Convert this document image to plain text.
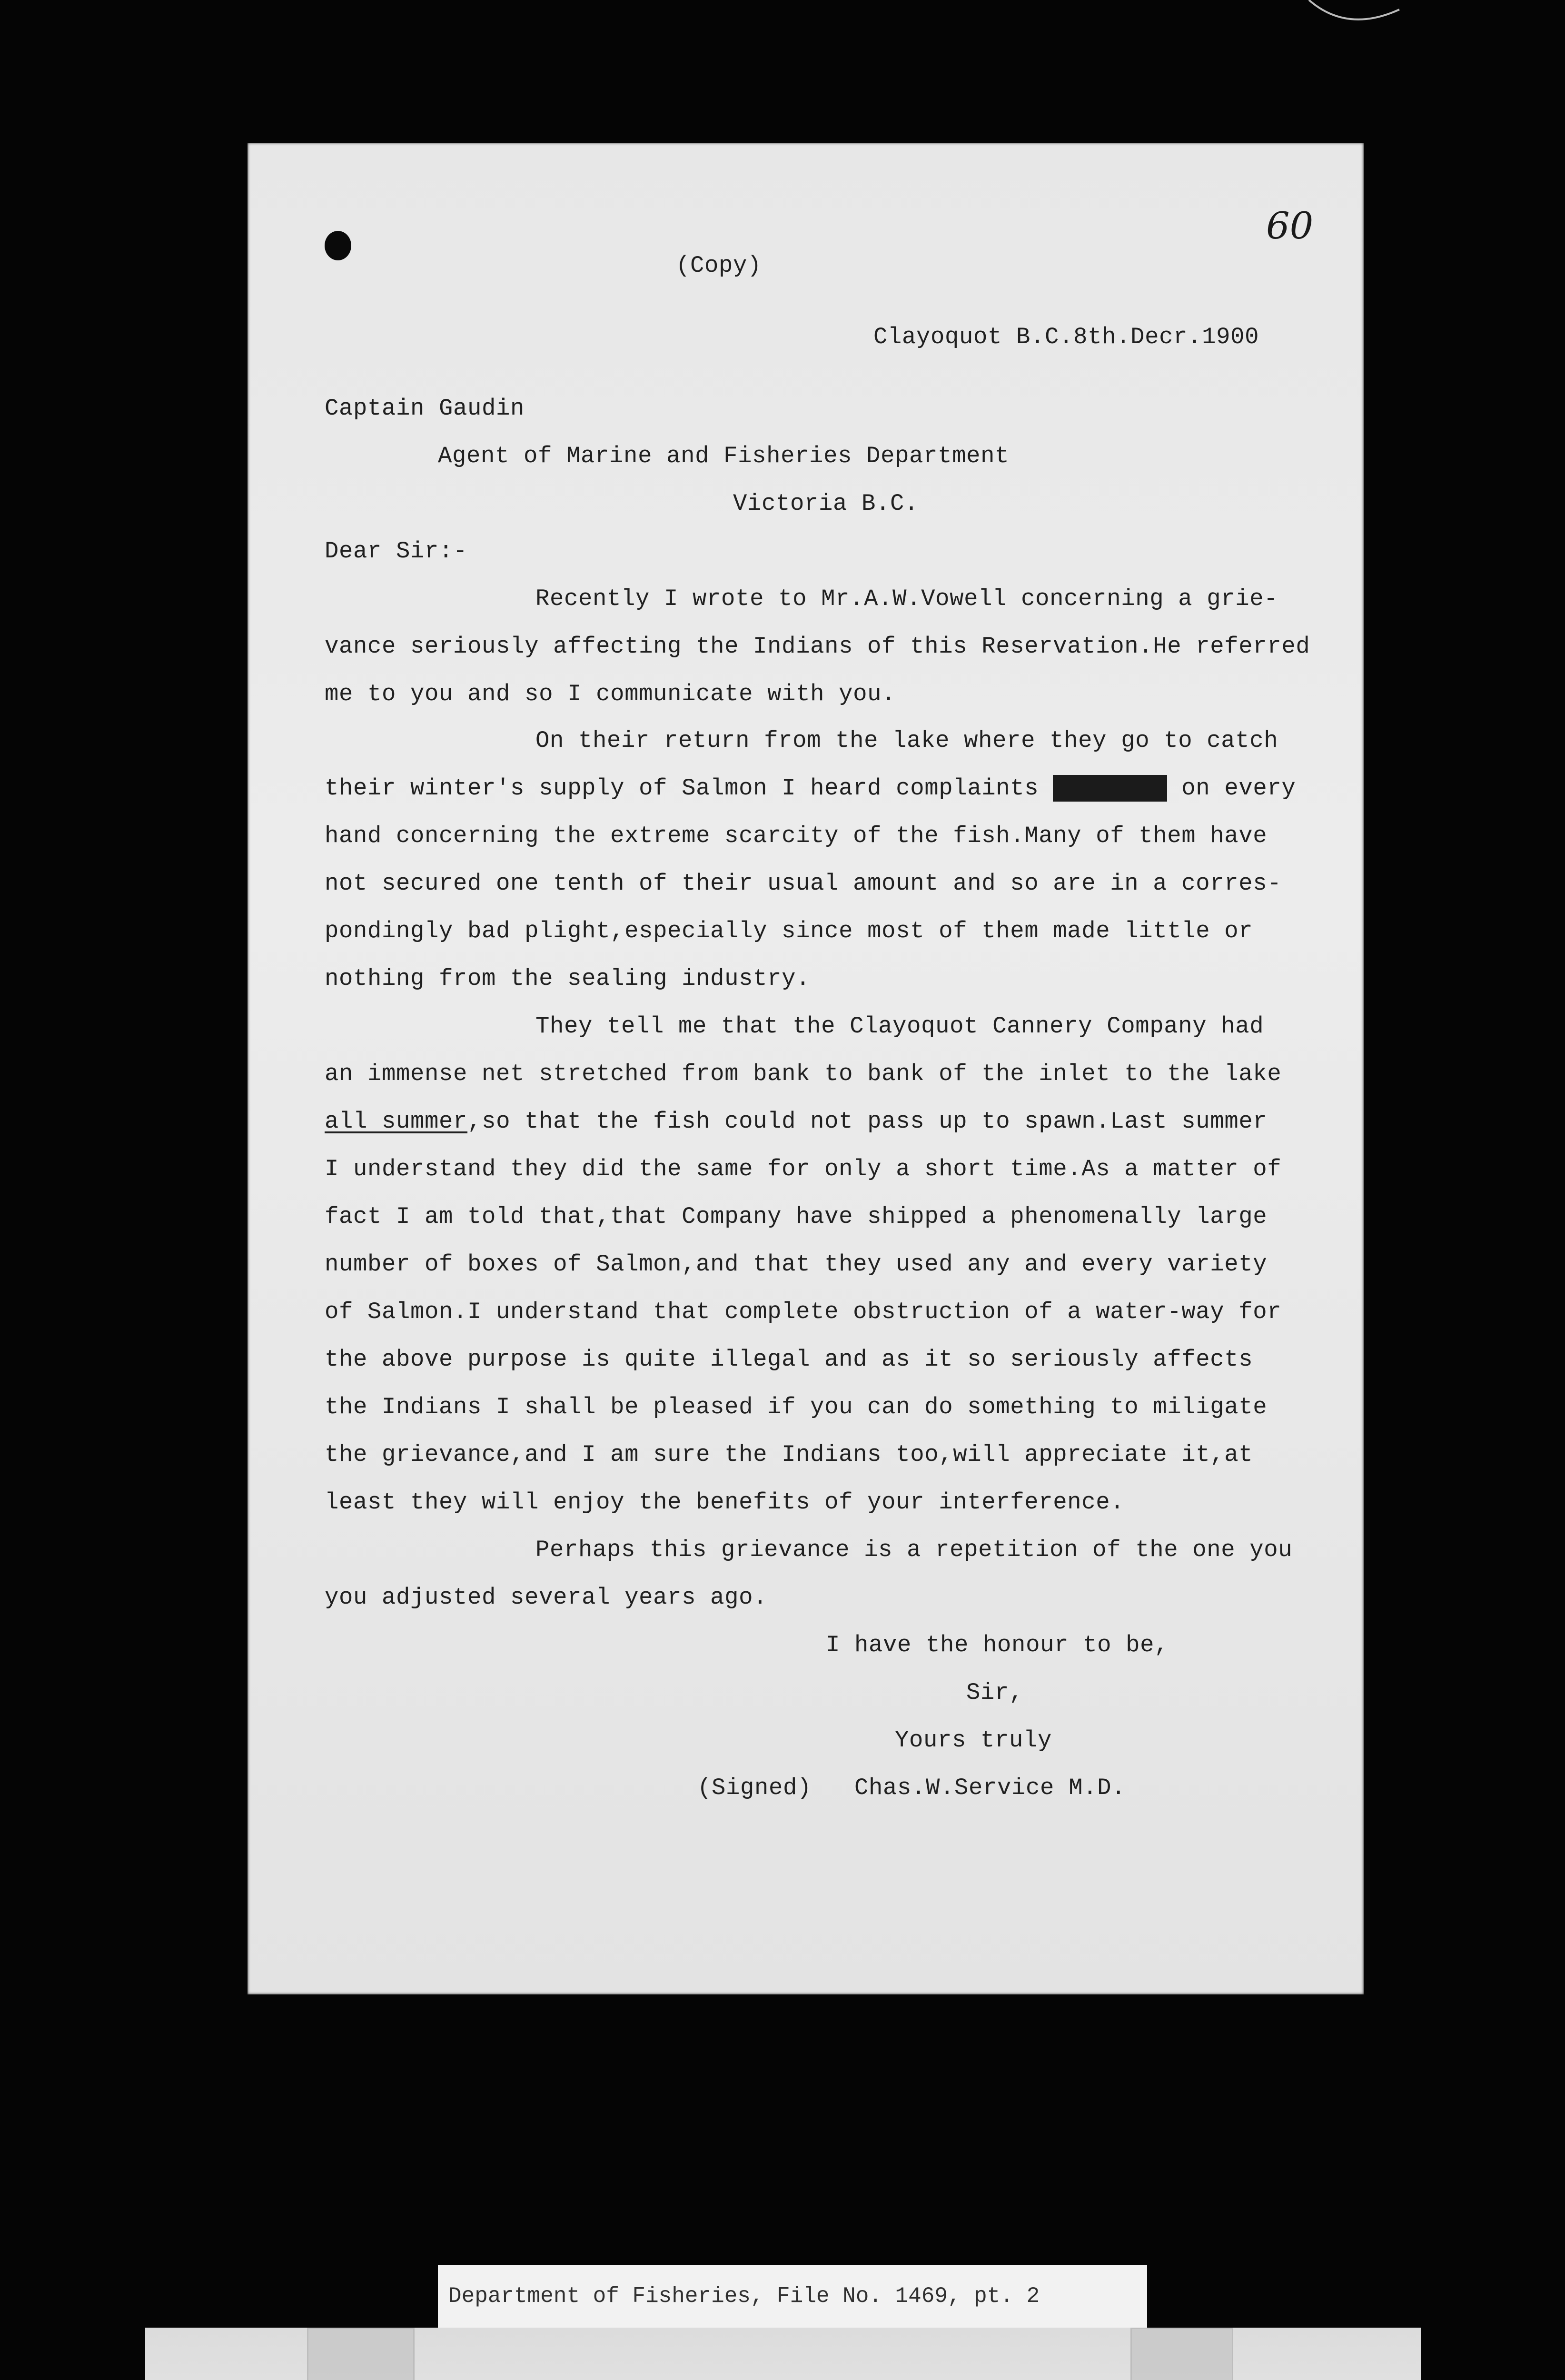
60
(Copy)
Clayoquot B.C.8th.Decr.1900
Captain Gaudin
Agent of Marine and Fisheries Department
Victoria B.C.
Dear Sir:-
Recently I wrote to Mr.A.W.Vowell concerning a grie-
vance seriously affecting the Indians of this Reservation.He referred
me to you and so I communicate with you.
On their return from the lake where they go to catch
their winter's supply of Salmon I heard complaints	on every
hand concerning the extreme scarcity of the fish.Many of them have
not secured one tenth of their usual amount and so are in a corres-
pondingly bad plight,especially since most of them made little or
nothing from the sealing industry.
They tell me that the Clayoquot Cannery Company had
an immense net stretched from bank to bank of the inlet to the lake
all summer,so that the fish could not pass up to spawn.Last summer
I understand they did the same for only a short time.As a matter of
fact I am told that,that Company have shipped a phenomenally large
number of boxes of Salmon,and that they used any and every variety
of Salmon.I understand that complete obstruction of a water-way for
the above purpose is quite illegal and as it so seriously affects
the Indians I shall be pleased if you can do something to miligate
the grievance,and I am sure the Indians too,will appreciate it,at
least they will enjoy the benefits of your interference.
Perhaps this grievance is a repetition of the one you
you adjusted several years ago.
I have the honour to be,
Sir,
Yours truly
(Signed) Chas.W.Service M.D.
Department of Fisheries, File No. 1469, pt. 2
